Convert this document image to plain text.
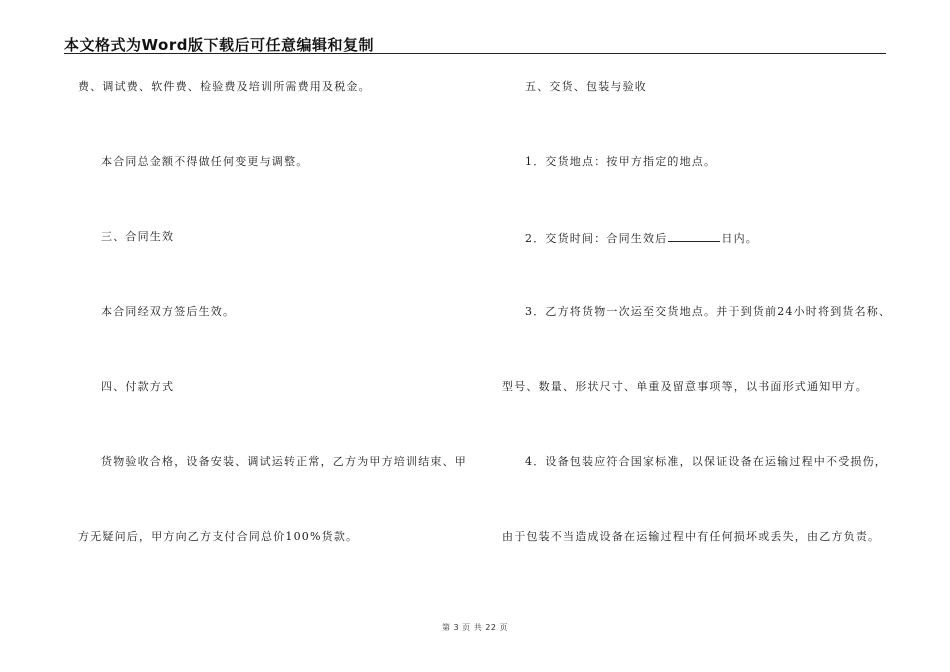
本文格式为Word版下载后可任意编辑和复制
费、调试费、软件费、检验费及培训所需费用及税金。
本合同总金额不得做任何变更与调整。
三、合同生效
本合同经双方签后生效。
四、付款方式
货物验收合格，设备安装、调试运转正常，乙方为甲方培训结束、甲
方无疑问后，甲方向乙方支付合同总价100%货款。
五、交货、包装与验收
1．交货地点：按甲方指定的地点。
2．交货时间：合同生效后	日内。
3．乙方将货物一次运至交货地点。并于到货前24小时将到货名称、
型号、数量、形状尺寸、单重及留意事项等，以书面形式通知甲方。
4．设备包装应符合国家标准，以保证设备在运输过程中不受损伤，
由于包装不当造成设备在运输过程中有任何损坏或丢失，由乙方负责。
第 3 页 共 22 页
